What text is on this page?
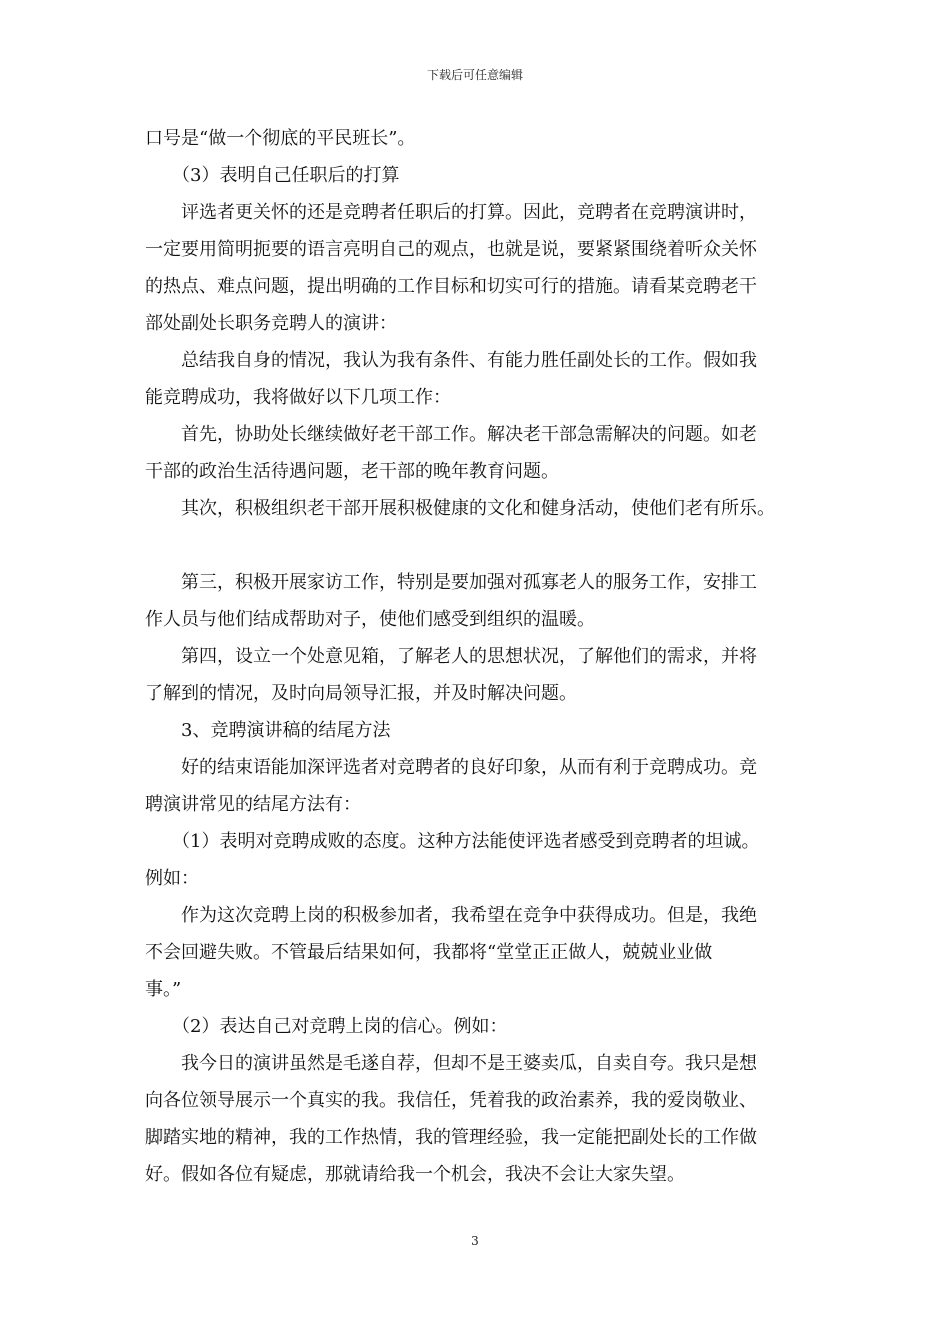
下载后可任意编辑

口号是“做一个彻底的平民班长”。

　　（3）表明自己任职后的打算

　　评选者更关怀的还是竞聘者任职后的打算。因此，竞聘者在竞聘演讲时，

一定要用简明扼要的语言亮明自己的观点，也就是说，要紧紧围绕着听众关怀

的热点、难点问题，提出明确的工作目标和切实可行的措施。请看某竞聘老干

部处副处长职务竞聘人的演讲：

　　总结我自身的情况，我认为我有条件、有能力胜任副处长的工作。假如我

能竞聘成功，我将做好以下几项工作：

　　首先，协助处长继续做好老干部工作。解决老干部急需解决的问题。如老

干部的政治生活待遇问题，老干部的晚年教育问题。

　　其次，积极组织老干部开展积极健康的文化和健身活动，使他们老有所乐。

　　第三，积极开展家访工作，特别是要加强对孤寡老人的服务工作，安排工

作人员与他们结成帮助对子，使他们感受到组织的温暖。

　　第四，设立一个处意见箱，了解老人的思想状况，了解他们的需求，并将

了解到的情况，及时向局领导汇报，并及时解决问题。

　　3、竞聘演讲稿的结尾方法

　　好的结束语能加深评选者对竞聘者的良好印象，从而有利于竞聘成功。竞

聘演讲常见的结尾方法有：

　　（1）表明对竞聘成败的态度。这种方法能使评选者感受到竞聘者的坦诚。

例如：

　　作为这次竞聘上岗的积极参加者，我希望在竞争中获得成功。但是，我绝

不会回避失败。不管最后结果如何，我都将“堂堂正正做人，兢兢业业做

事。”

　　（2）表达自己对竞聘上岗的信心。例如：

　　我今日的演讲虽然是毛遂自荐，但却不是王婆卖瓜，自卖自夸。我只是想

向各位领导展示一个真实的我。我信任，凭着我的政治素养，我的爱岗敬业、

脚踏实地的精神，我的工作热情，我的管理经验，我一定能把副处长的工作做

好。假如各位有疑虑，那就请给我一个机会，我决不会让大家失望。

3
